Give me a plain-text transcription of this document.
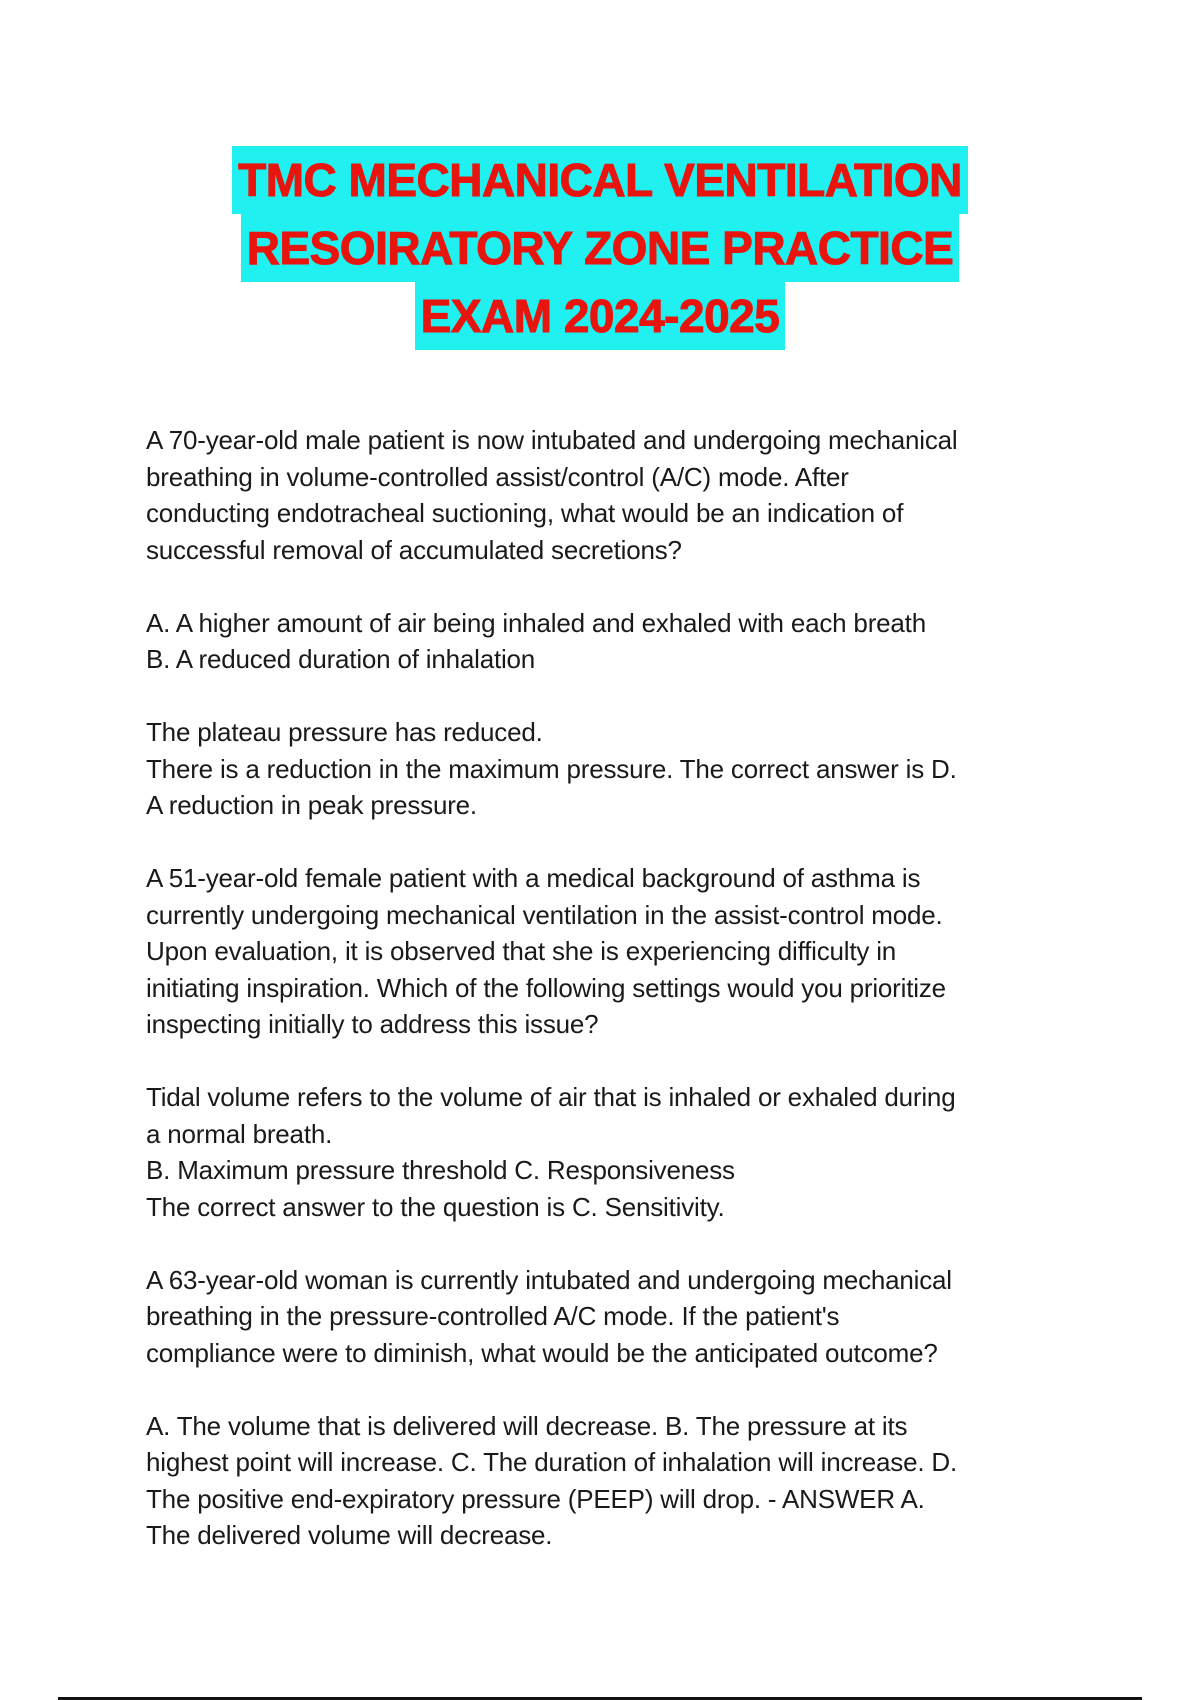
TMC MECHANICAL VENTILATION
RESOIRATORY ZONE PRACTICE
EXAM 2024-2025
A 70-year-old male patient is now intubated and undergoing mechanical
breathing in volume-controlled assist/control (A/C) mode. After
conducting endotracheal suctioning, what would be an indication of
successful removal of accumulated secretions?
A. A higher amount of air being inhaled and exhaled with each breath
B. A reduced duration of inhalation
The plateau pressure has reduced.
There is a reduction in the maximum pressure. The correct answer is D.
A reduction in peak pressure.
A 51-year-old female patient with a medical background of asthma is
currently undergoing mechanical ventilation in the assist-control mode.
Upon evaluation, it is observed that she is experiencing difficulty in
initiating inspiration. Which of the following settings would you prioritize
inspecting initially to address this issue?
Tidal volume refers to the volume of air that is inhaled or exhaled during
a normal breath.
B. Maximum pressure threshold C. Responsiveness
The correct answer to the question is C. Sensitivity.
A 63-year-old woman is currently intubated and undergoing mechanical
breathing in the pressure-controlled A/C mode. If the patient's
compliance were to diminish, what would be the anticipated outcome?
A. The volume that is delivered will decrease. B. The pressure at its
highest point will increase. C. The duration of inhalation will increase. D.
The positive end-expiratory pressure (PEEP) will drop. - ANSWER A.
The delivered volume will decrease.
